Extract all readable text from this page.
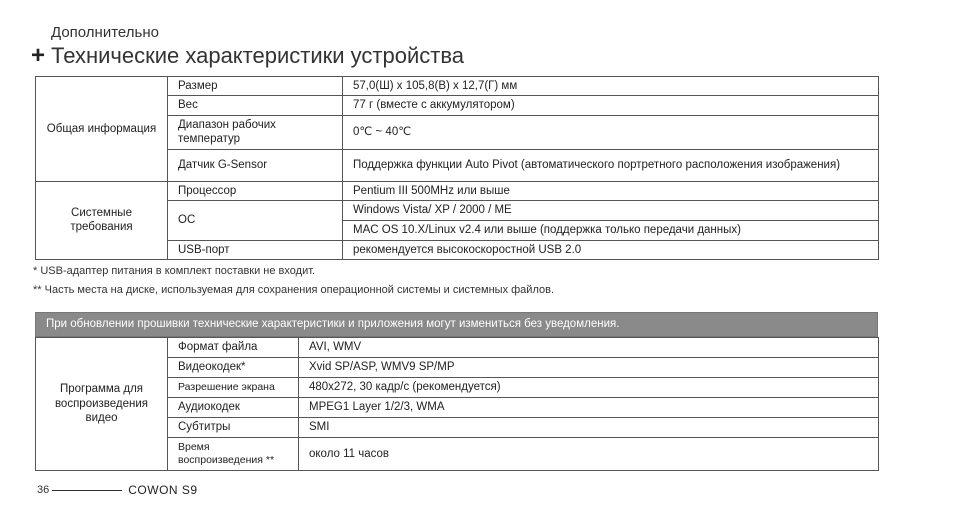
Дополнительно
+ Технические характеристики устройства
Общая информация	Размер	57,0(Ш) x 105,8(В) x 12,7(Г) мм
	Вес	77 г (вместе с аккумулятором)
	Диапазон рабочих температур	0℃ ~ 40℃
	Датчик G-Sensor	Поддержка функции Auto Pivot (автоматического портретного расположения изображения)
Системные требования	Процессор	Pentium III 500MHz или выше
	ОС	Windows Vista/ XP / 2000 / ME
		MAC OS 10.X/Linux v2.4 или выше (поддержка только передачи данных)
	USB-порт	рекомендуется высокоскоростной USB 2.0
* USB-адаптер питания в комплект поставки не входит.
** Часть места на диске, используемая для сохранения операционной системы и системных файлов.
При обновлении прошивки технические характеристики и приложения могут измениться без уведомления.
Программа для воспроизведения видео	Формат файла	AVI, WMV
	Видеокодек*	Xvid SP/ASP, WMV9 SP/MP
	Разрешение экрана	480x272, 30 кадр/с (рекомендуется)
	Аудиокодек	MPEG1 Layer 1/2/3, WMA
	Субтитры	SMI
	Время воспроизведения **	около 11 часов
36	COWON S9
